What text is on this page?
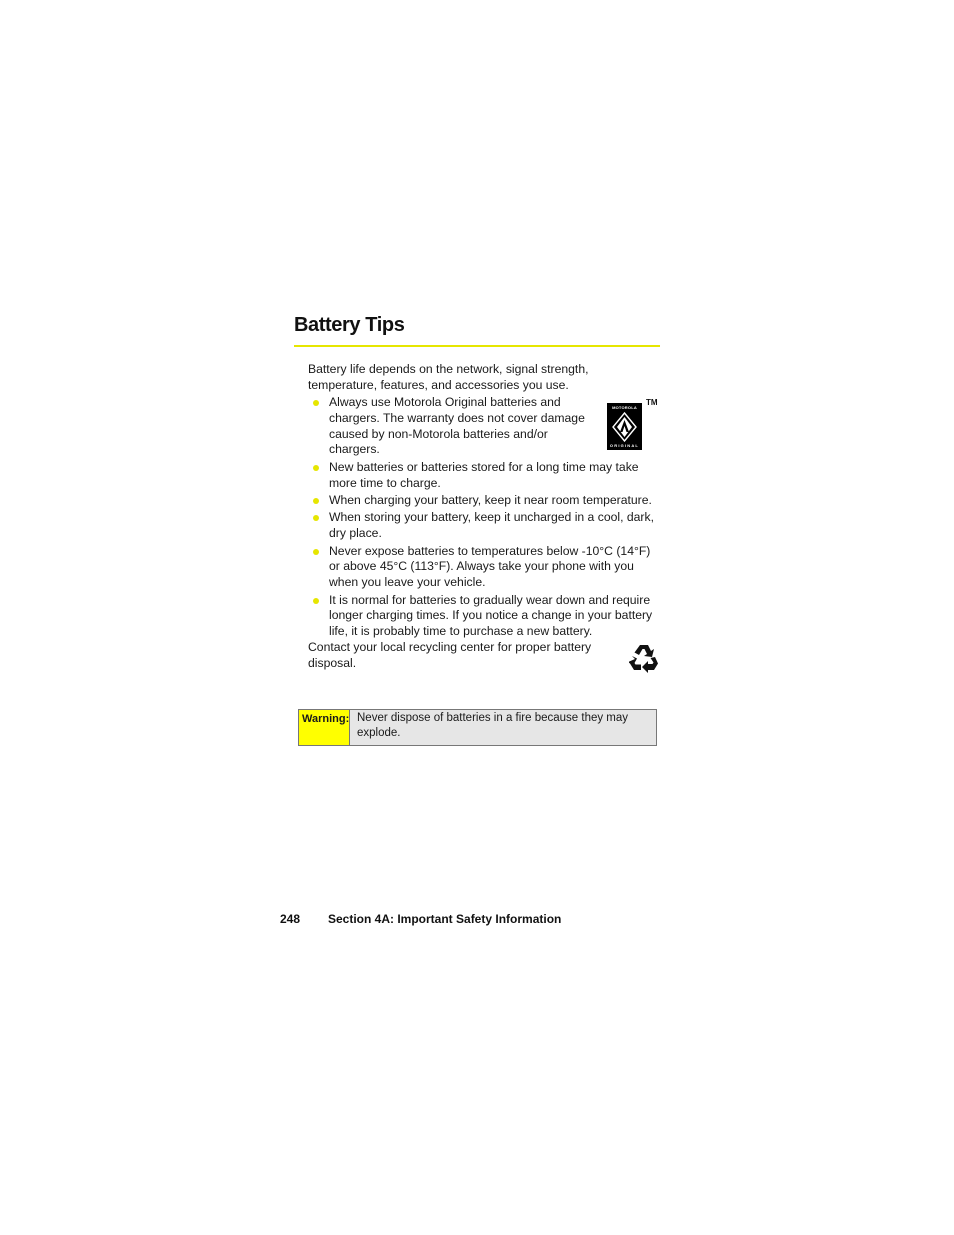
Battery Tips

Battery life depends on the network, signal strength, temperature, features, and accessories you use.

Always use Motorola Original batteries and chargers. The warranty does not cover damage caused by non-Motorola batteries and/or chargers.
New batteries or batteries stored for a long time may take more time to charge.
When charging your battery, keep it near room temperature.
When storing your battery, keep it uncharged in a cool, dark, dry place.
Never expose batteries to temperatures below -10°C (14°F) or above 45°C (113°F). Always take your phone with you when you leave your vehicle.
It is normal for batteries to gradually wear down and require longer charging times. If you notice a change in your battery life, it is probably time to purchase a new battery.
MOTOROLA
ORIGINAL
TM

Contact your local recycling center for proper battery disposal.

Warning: Never dispose of batteries in a fire because they may explode.
248 Section 4A: Important Safety Information
